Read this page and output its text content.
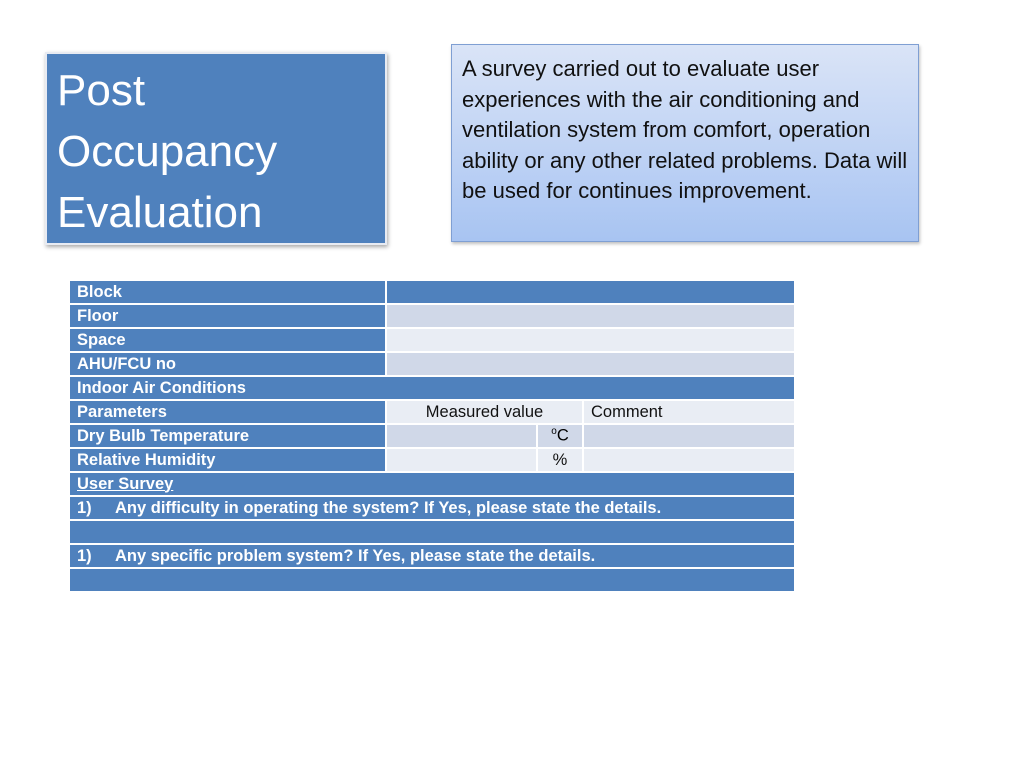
Post
Occupancy
Evaluation
A survey carried out to evaluate user experiences with the air conditioning and ventilation system from comfort, operation ability or any other related problems. Data will be used for continues improvement.
Block			
Floor			
Space			
AHU/FCU no			
Indoor Air Conditions			
Parameters	Measured value		Comment
Dry Bulb Temperature		$^o$C	
Relative Humidity		%	
User Survey			
1) Any difficulty in operating the system? If Yes, please state the details.			

1) Any specific problem system? If Yes, please state the details.			
